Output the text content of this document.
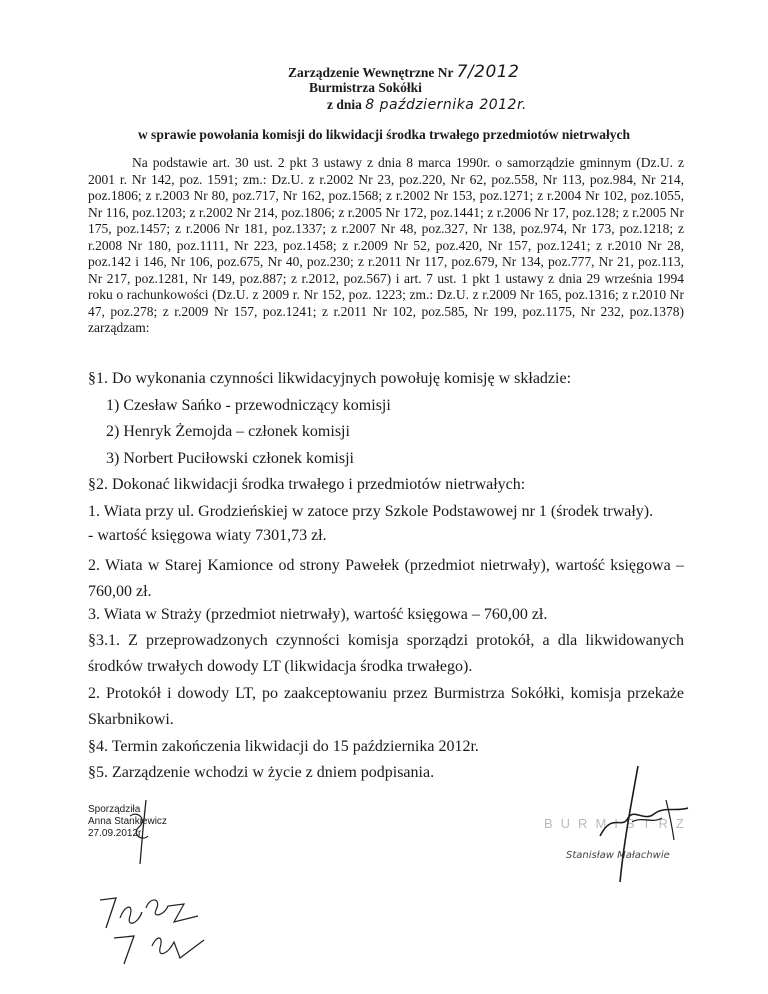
Zarządzenie Wewnętrzne Nr 7/2012
Burmistrza Sokółki
z dnia 8 października 2012r.
w sprawie powołania komisji do likwidacji środka trwałego przedmiotów nietrwałych
Na podstawie art. 30 ust. 2 pkt 3 ustawy z dnia 8 marca 1990r. o samorządzie gminnym (Dz.U. z 2001 r. Nr 142, poz. 1591; zm.: Dz.U. z r.2002 Nr 23, poz.220, Nr 62, poz.558, Nr 113, poz.984, Nr 214, poz.1806; z r.2003 Nr 80, poz.717, Nr 162, poz.1568; z r.2002 Nr 153, poz.1271; z r.2004 Nr 102, poz.1055, Nr 116, poz.1203; z r.2002 Nr 214, poz.1806; z r.2005 Nr 172, poz.1441; z r.2006 Nr 17, poz.128; z r.2005 Nr 175, poz.1457; z r.2006 Nr 181, poz.1337; z r.2007 Nr 48, poz.327, Nr 138, poz.974, Nr 173, poz.1218; z r.2008 Nr 180, poz.1111, Nr 223, poz.1458; z r.2009 Nr 52, poz.420, Nr 157, poz.1241; z r.2010 Nr 28, poz.142 i 146, Nr 106, poz.675, Nr 40, poz.230; z r.2011 Nr 117, poz.679, Nr 134, poz.777, Nr 21, poz.113, Nr 217, poz.1281, Nr 149, poz.887; z r.2012, poz.567) i art. 7 ust. 1 pkt 1 ustawy z dnia 29 września 1994 roku o rachunkowości (Dz.U. z 2009 r. Nr 152, poz. 1223; zm.: Dz.U. z r.2009 Nr 165, poz.1316; z r.2010 Nr 47, poz.278; z r.2009 Nr 157, poz.1241; z r.2011 Nr 102, poz.585, Nr 199, poz.1175, Nr 232, poz.1378) zarządzam:
§1. Do wykonania czynności likwidacyjnych powołuję komisję w składzie:
1) Czesław Sańko - przewodniczący komisji
2) Henryk Żemojda – członek komisji
3) Norbert Puciłowski członek komisji
§2. Dokonać likwidacji środka trwałego i przedmiotów nietrwałych:
1. Wiata przy ul. Grodzieńskiej w zatoce przy Szkole Podstawowej nr 1 (środek trwały).
- wartość księgowa wiaty 7301,73 zł.
2. Wiata w Starej Kamionce od strony Pawełek (przedmiot nietrwały), wartość księgowa – 760,00 zł.
3. Wiata w Straży (przedmiot nietrwały), wartość księgowa – 760,00 zł.
§3.1. Z przeprowadzonych czynności komisja sporządzi protokół, a dla likwidowanych środków trwałych dowody LT (likwidacja środka trwałego).
2. Protokół i dowody LT, po zaakceptowaniu przez Burmistrza Sokółki, komisja przekaże Skarbnikowi.
§4. Termin zakończenia likwidacji do 15 października 2012r.
§5. Zarządzenie wchodzi w życie z dniem podpisania.
Sporządziła
Anna Stankiewicz
27.09.2012r
BURMISTRZ
Stanisław Małachwie
